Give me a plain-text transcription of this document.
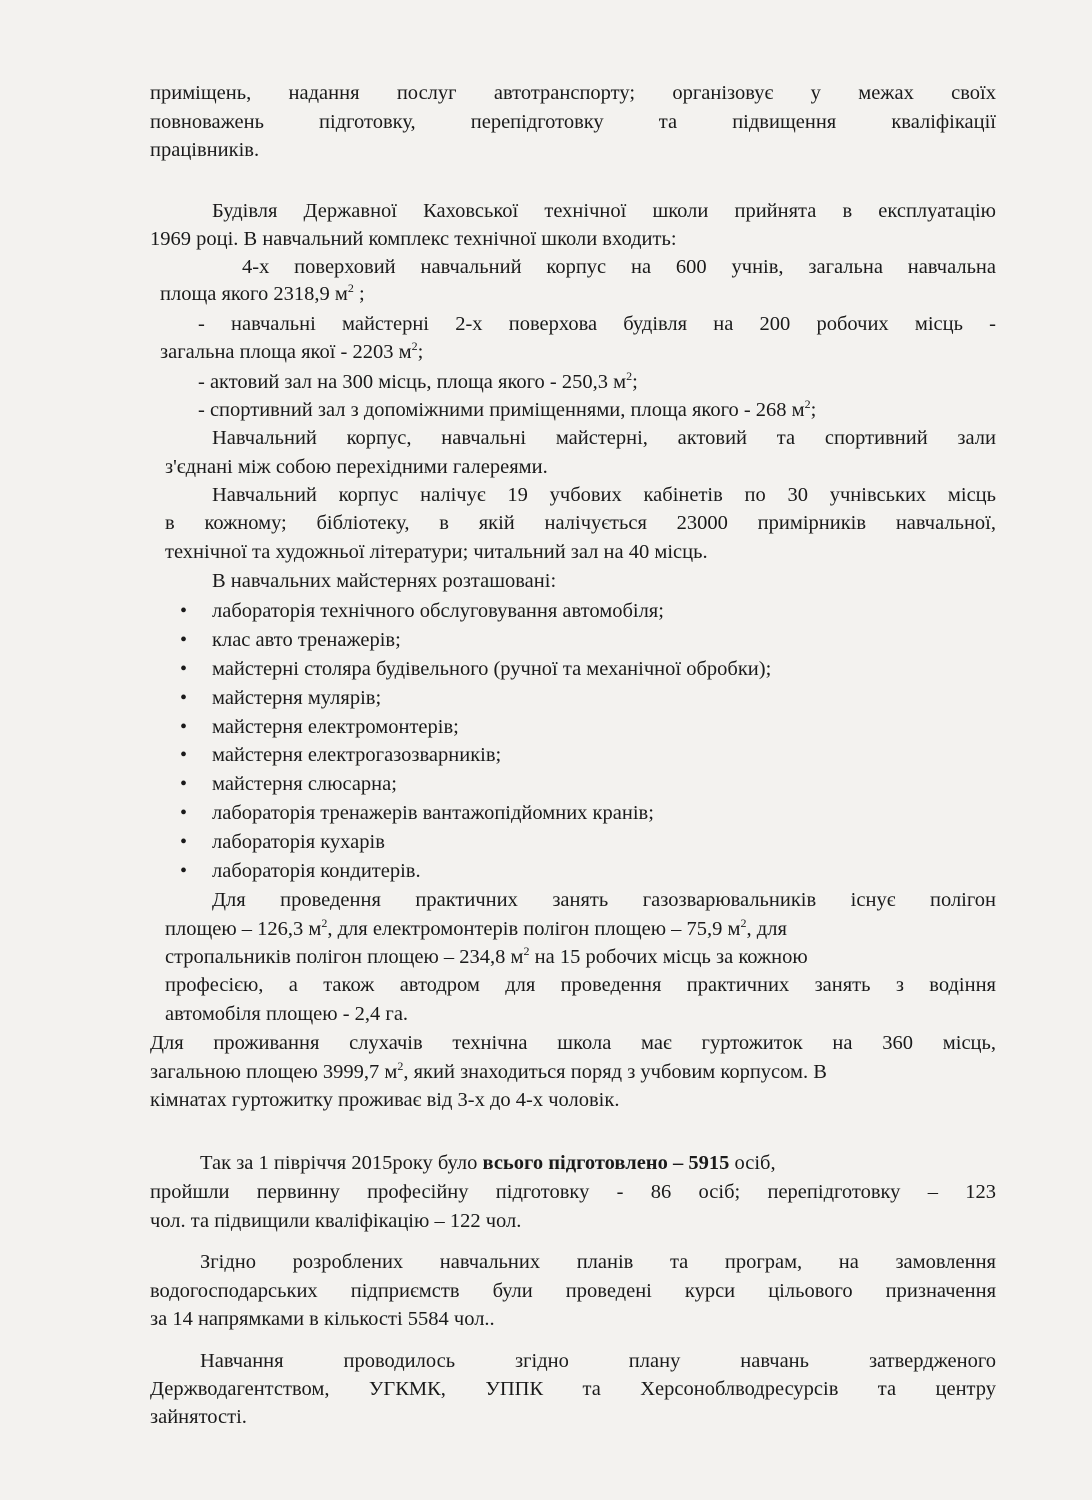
приміщень, надання послуг автотранспорту; організовує у межах своїх
повноважень підготовку, перепідготовку та підвищення кваліфікації
працівників.
Будівля Державної Каховської технічної школи прийнята в експлуатацію
1969 році. В навчальний комплекс технічної школи входить:
4-х поверховий навчальний корпус на 600 учнів, загальна навчальна
площа якого 2318,9 $м^2$ ;
- навчальні майстерні 2-х поверхова будівля на 200 робочих місць -
загальна площа якої - 2203 $м^2$;
- актовий зал на 300 місць, площа якого - 250,3 $м^2$;
- спортивний зал з допоміжними приміщеннями, площа якого - 268 $м^2$;
Навчальний корпус, навчальні майстерні, актовий та спортивний зали
з'єднані між собою перехідними галереями.
Навчальний корпус налічує 19 учбових кабінетів по 30 учнівських місць
в кожному; бібліотеку, в якій налічується 23000 примірників навчальної,
технічної та художньої літератури; читальний зал на 40 місць.
В навчальних майстернях розташовані:
• лабораторія технічного обслуговування автомобіля;
• клас авто тренажерів;
• майстерні столяра будівельного (ручної та механічної обробки);
• майстерня мулярів;
• майстерня електромонтерів;
• майстерня електрогазозварників;
• майстерня слюсарна;
• лабораторія тренажерів вантажопідйомних кранів;
• лабораторія кухарів
• лабораторія кондитерів.
Для проведення практичних занять газозварювальників існує полігон
площею – 126,3 $м^2$, для електромонтерів полігон площею – 75,9 $м^2$, для
стропальників полігон площею – 234,8 $м^2$ на 15 робочих місць за кожною
професією, а також автодром для проведення практичних занять з водіння
автомобіля площею - 2,4 га.
Для проживання слухачів технічна школа має гуртожиток на 360 місць,
загальною площею 3999,7 $м^2$, який знаходиться поряд з учбовим корпусом. В
кімнатах гуртожитку проживає від 3-х до 4-х чоловік.
Так за 1 півріччя 2015року було всього підготовлено – 5915 осіб,
пройшли первинну професійну підготовку - 86 осіб; перепідготовку – 123
чол. та підвищили кваліфікацію – 122 чол.
Згідно розроблених навчальних планів та програм, на замовлення
водогосподарських підприємств були проведені курси цільового призначення
за 14 напрямками в кількості 5584 чол..
Навчання проводилось згідно плану навчань затвердженого
Держводагентством, УГКМК, УППК та Херсоноблводресурсів та центру
зайнятості.
